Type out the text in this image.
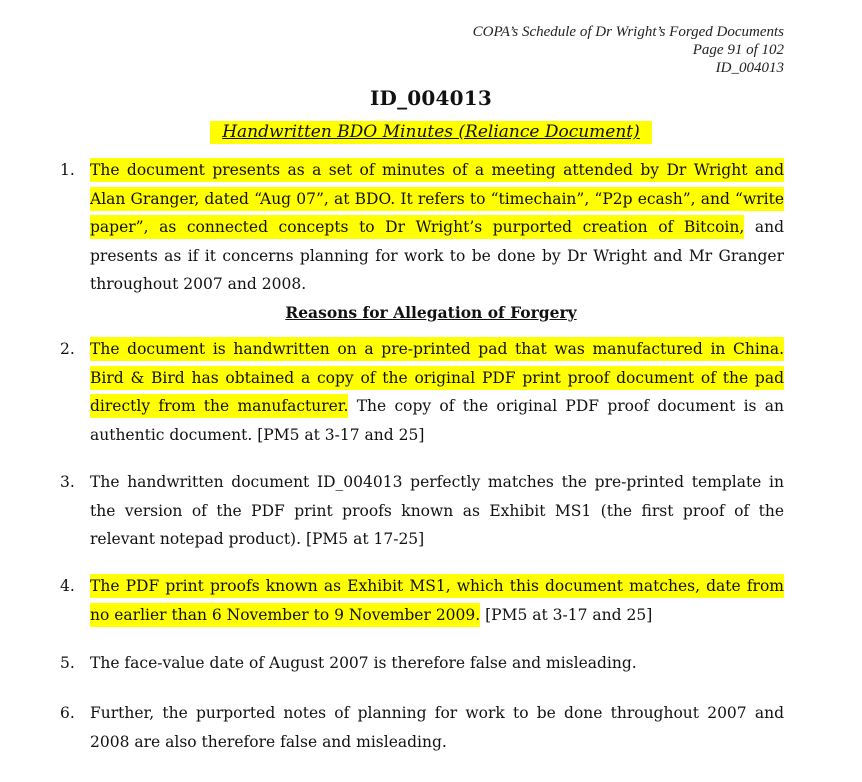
COPA’s Schedule of Dr Wright’s Forged Documents
Page 91 of 102
ID_004013
ID_004013
Handwritten BDO Minutes (Reliance Document)
1. The document presents as a set of minutes of a meeting attended by Dr Wright and Alan Granger, dated “Aug 07”, at BDO. It refers to “timechain”, “P2p ecash”, and “write paper”, as connected concepts to Dr Wright’s purported creation of Bitcoin, and presents as if it concerns planning for work to be done by Dr Wright and Mr Granger throughout 2007 and 2008.
Reasons for Allegation of Forgery
2. The document is handwritten on a pre-printed pad that was manufactured in China. Bird & Bird has obtained a copy of the original PDF print proof document of the pad directly from the manufacturer. The copy of the original PDF proof document is an authentic document. [PM5 at 3-17 and 25]
3. The handwritten document ID_004013 perfectly matches the pre-printed template in the version of the PDF print proofs known as Exhibit MS1 (the first proof of the relevant notepad product). [PM5 at 17-25]
4. The PDF print proofs known as Exhibit MS1, which this document matches, date from no earlier than 6 November to 9 November 2009. [PM5 at 3-17 and 25]
5. The face-value date of August 2007 is therefore false and misleading.
6. Further, the purported notes of planning for work to be done throughout 2007 and 2008 are also therefore false and misleading.
